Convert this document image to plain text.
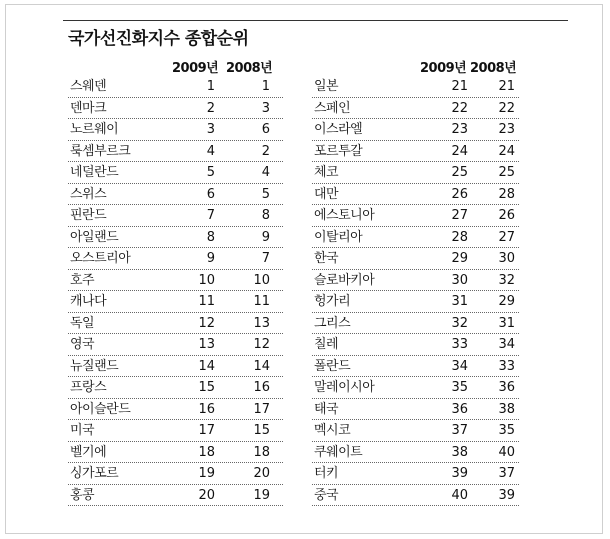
국가선진화지수 종합순위
2009년 2008년	2009년 2008년
스웨덴	1	1
덴마크	2	3
노르웨이	3	6
룩셈부르크	4	2
네덜란드	5	4
스위스	6	5
핀란드	7	8
아일랜드	8	9
오스트리아	9	7
호주	10	10
캐나다	11	11
독일	12	13
영국	13	12
뉴질랜드	14	14
프랑스	15	16
아이슬란드	16	17
미국	17	15
벨기에	18	18
싱가포르	19	20
홍콩	20	19
일본	21	21
스페인	22	22
이스라엘	23	23
포르투갈	24	24
체코	25	25
대만	26	28
에스토니아	27	26
이탈리아	28	27
한국	29	30
슬로바키아	30	32
헝가리	31	29
그리스	32	31
칠레	33	34
폴란드	34	33
말레이시아	35	36
태국	36	38
멕시코	37	35
쿠웨이트	38	40
터키	39	37
중국	40	39
